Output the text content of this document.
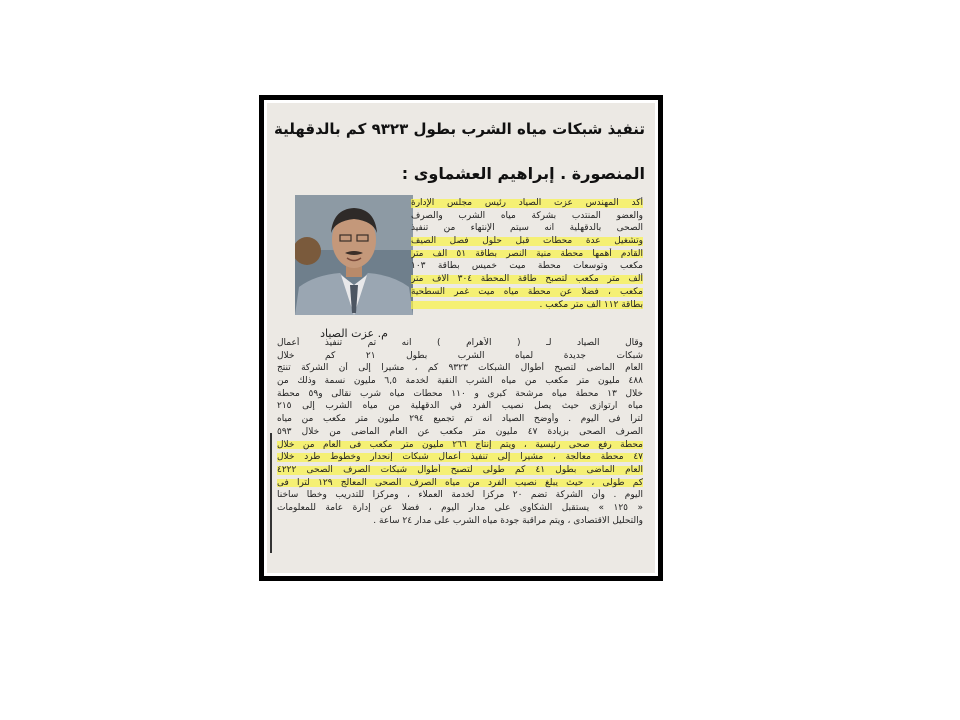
تنفيذ شبكات مياه الشرب بطول ٩٣٢٣ كم بالدقهلية
المنصورة . إبراهيم العشماوى :
م. عزت الصياد
أكد المهندس عزت الصياد رئيس مجلس الإدارة
والعضو المنتدب بشركة مياه الشرب والصرف
الصحى بالدقهلية انه سيتم الإنتهاء من تنفيذ
وتشغيل عدة محطات قبل حلول فصل الصيف
القادم أهمها محطة منية النصر بطاقة ٥١ الف متر
مكعب وتوسعات محطة ميت خميس بطاقة ١٠٣
ألف متر مكعب لتصبح طاقة المحطة ٣٠٤ الاف متر
مكعب ، فضلا عن محطة مياه ميت غمر السطحية
بطاقة ١١٢ الف متر مكعب .
وقال الصياد لـ ( الأهرام ) انه تم تنفيذ أعمال
شبكات جديدة لمياه الشرب بطول ٢١ كم خلال
العام الماضى لتصبح أطوال الشبكات ٩٣٢٣ كم ، مشيرا إلى أن الشركة تنتج
٤٨٨ مليون متر مكعب من مياه الشرب النقية لخدمة ٦,٥ مليون نسمة وذلك من
خلال ١٣ محطة مياه مرشحة كبرى و ١١٠ محطات مياه شرب نقالى و٥٩ محطة
مياه ارتوازى حيث يصل نصيب الفرد في الدقهلية من مياه الشرب إلى ٢١٥
لترا فى اليوم . وأوضح الصياد انه تم تجميع ٢٩٤ مليون متر مكعب من مياه
الصرف الصحى بزيادة ٤٧ مليون متر مكعب عن العام الماضى من خلال ٥٩٣
محطة رفع صحى رئيسية ، ويتم إنتاج ٢٦٦ مليون متر مكعب فى العام من خلال
٤٧ محطة معالجة ، مشيرا إلى تنفيذ أعمال شبكات إنحدار وخطوط طرد خلال
العام الماضى بطول ٤١ كم طولى لتصبح أطوال شبكات الصرف الصحى ٤٢٢٢
كم طولى ، حيث يبلغ نصيب الفرد من مياه الصرف الصحى المعالج ١٢٩ لترا فى
اليوم . وأن الشركة تضم ٢٠ مركزا لخدمة العملاء ، ومركزا للتدريب وخطا ساخنا
« ١٢٥ » يستقبل الشكاوى على مدار اليوم ، فضلا عن إدارة عامة للمعلومات
والتحليل الاقتصادى ، ويتم مراقبة جودة مياه الشرب على مدار ٢٤ ساعة .
